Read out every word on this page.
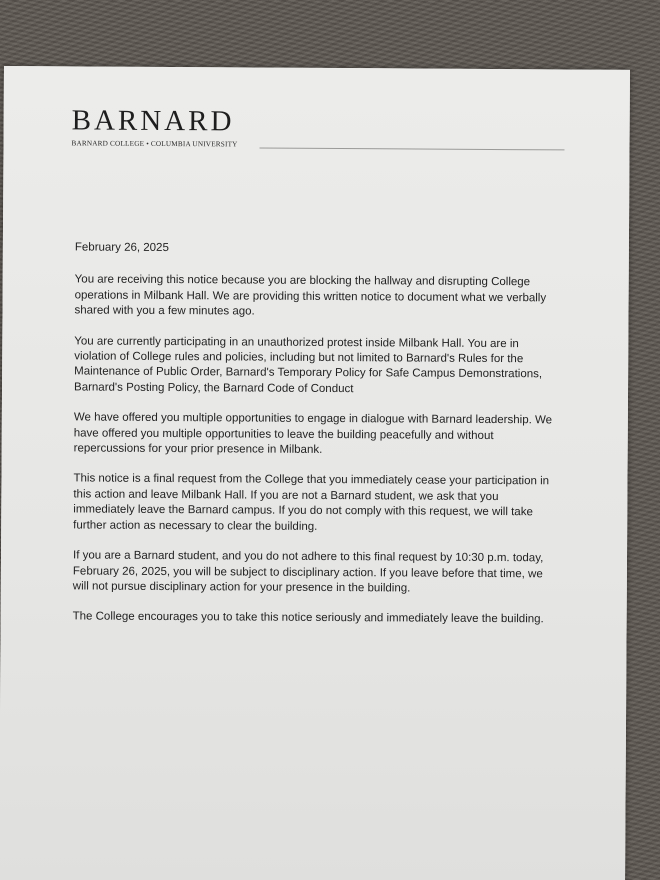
BARNARD
BARNARD COLLEGE • COLUMBIA UNIVERSITY

February 26, 2025

You are receiving this notice because you are blocking the hallway and disrupting College operations in Milbank Hall. We are providing this written notice to document what we verbally shared with you a few minutes ago.

You are currently participating in an unauthorized protest inside Milbank Hall. You are in violation of College rules and policies, including but not limited to Barnard's Rules for the Maintenance of Public Order, Barnard's Temporary Policy for Safe Campus Demonstrations, Barnard's Posting Policy, the Barnard Code of Conduct

We have offered you multiple opportunities to engage in dialogue with Barnard leadership. We have offered you multiple opportunities to leave the building peacefully and without repercussions for your prior presence in Milbank.

This notice is a final request from the College that you immediately cease your participation in this action and leave Milbank Hall. If you are not a Barnard student, we ask that you immediately leave the Barnard campus. If you do not comply with this request, we will take further action as necessary to clear the building.

If you are a Barnard student, and you do not adhere to this final request by 10:30 p.m. today, February 26, 2025, you will be subject to disciplinary action. If you leave before that time, we will not pursue disciplinary action for your presence in the building.

The College encourages you to take this notice seriously and immediately leave the building.
